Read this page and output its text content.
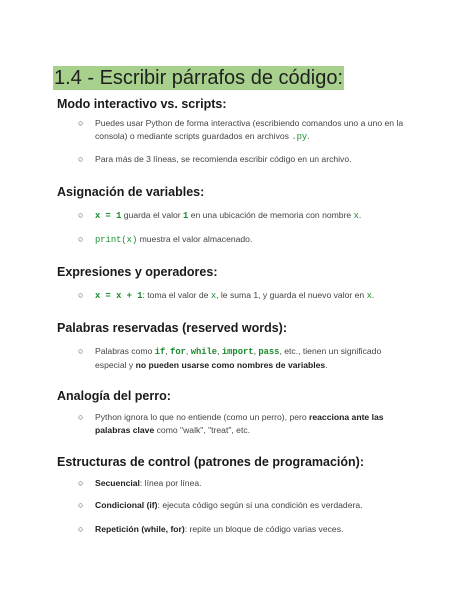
1.4 - Escribir párrafos de código:
Modo interactivo vs. scripts:

○ Puedes usar Python de forma interactiva (escribiendo comandos uno a uno en la consola) o mediante scripts guardados en archivos .py.

○ Para más de 3 líneas, se recomienda escribir código en un archivo.

Asignación de variables:

○ x = 1 guarda el valor 1 en una ubicación de memoria con nombre x.

○ print(x) muestra el valor almacenado.

Expresiones y operadores:

○ x = x + 1: toma el valor de x, le suma 1, y guarda el nuevo valor en x.

Palabras reservadas (reserved words):

○ Palabras como if, for, while, import, pass, etc., tienen un significado especial y no pueden usarse como nombres de variables.

Analogía del perro:

○ Python ignora lo que no entiende (como un perro), pero reacciona ante las palabras clave como "walk", "treat", etc.

Estructuras de control (patrones de programación):

○ Secuencial: línea por línea.

○ Condicional (if): ejecuta código según si una condición es verdadera.

○ Repetición (while, for): repite un bloque de código varias veces.
